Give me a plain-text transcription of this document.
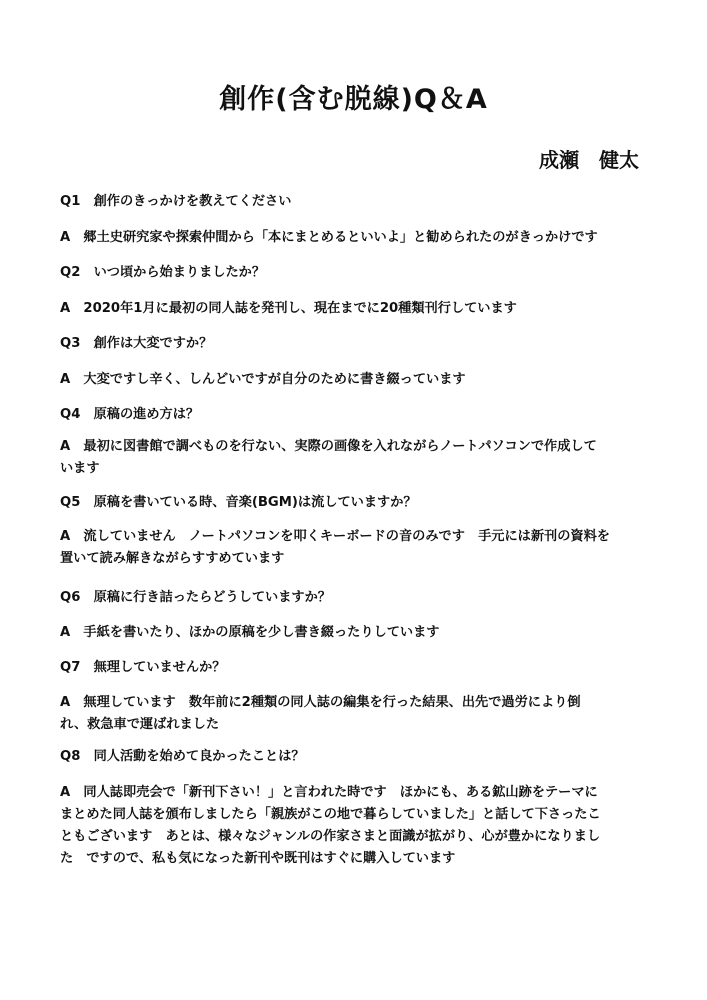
創作(含む脱線)Q＆A
成瀬　健太

Q1　創作のきっかけを教えてください

A　郷土史研究家や探索仲間から「本にまとめるといいよ」と勧められたのがきっかけです

Q2　いつ頃から始まりましたか？

A　2020年1月に最初の同人誌を発刊し、現在までに20種類刊行しています

Q3　創作は大変ですか？

A　大変ですし辛く、しんどいですが自分のために書き綴っています

Q4　原稿の進め方は？

A　最初に図書館で調べものを行ない、実際の画像を入れながらノートパソコンで作成して
います

Q5　原稿を書いている時、音楽(BGM)は流していますか？

A　流していません　ノートパソコンを叩くキーボードの音のみです　手元には新刊の資料を
置いて読み解きながらすすめています

Q6　原稿に行き詰ったらどうしていますか？

A　手紙を書いたり、ほかの原稿を少し書き綴ったりしています

Q7　無理していませんか？

A　無理しています　数年前に2種類の同人誌の編集を行った結果、出先で過労により倒
れ、救急車で運ばれました

Q8　同人活動を始めて良かったことは？

A　同人誌即売会で「新刊下さい！」と言われた時です　ほかにも、ある鉱山跡をテーマに
まとめた同人誌を頒布しましたら「親族がこの地で暮らしていました」と話して下さったこ
ともございます　あとは、様々なジャンルの作家さまと面識が拡がり、心が豊かになりまし
た　ですので、私も気になった新刊や既刊はすぐに購入しています
